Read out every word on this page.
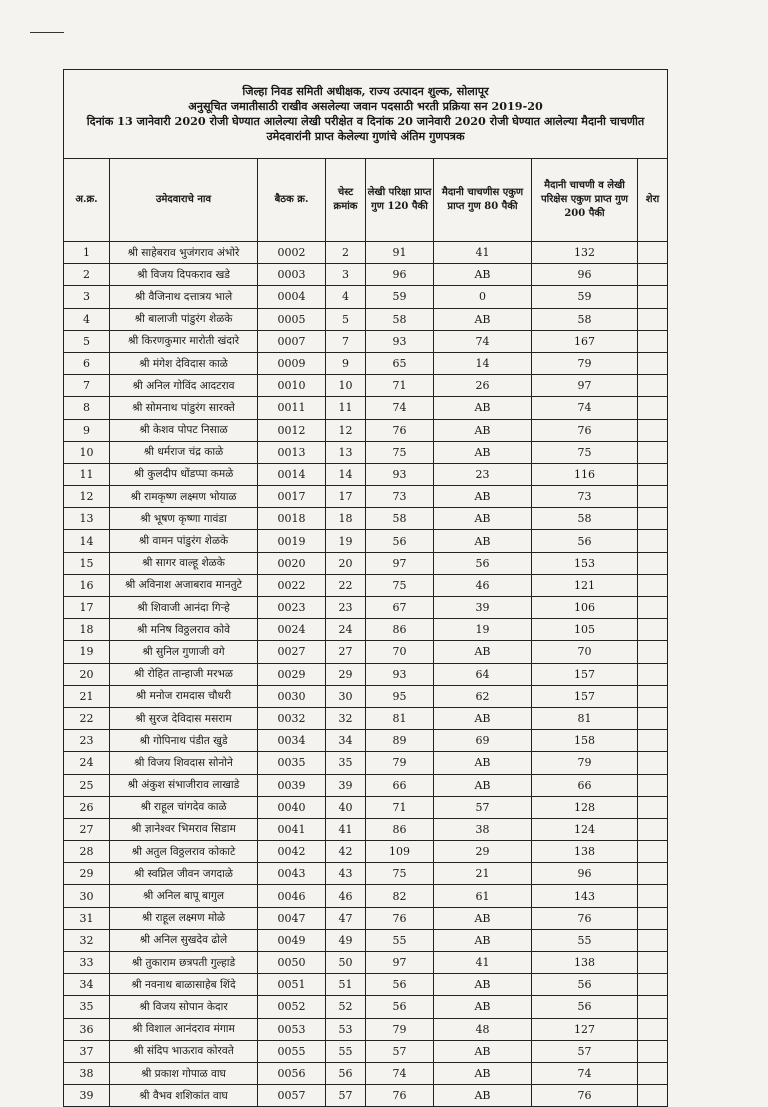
जिल्हा निवड समिती अधीक्षक, राज्य उत्पादन शुल्क, सोलापूर
अनुसूचित जमातीसाठी राखीव असलेल्या जवान पदसाठी भरती प्रक्रिया सन 2019-20
दिनांक 13 जानेवारी 2020 रोजी घेण्यात आलेल्या लेखी परीक्षेत व दिनांक 20 जानेवारी 2020 रोजी घेण्यात आलेल्या मैदानी चाचणीत
उमेदवारांनी प्राप्त केलेल्या गुणांचे अंतिम गुणपत्रक							

अ.क्र.	उमेदवाराचे नाव	बैठक क्र.	चेस्ट क्रमांक	लेखी परिक्षा प्राप्त गुण 120 पैकी	मैदानी चाचणीस एकुण प्राप्त गुण 80 पैकी	मैदानी चाचणी व लेखी परिक्षेस एकुण प्राप्त गुण 200 पैकी	शेरा
1	श्री साहेबराव भुजंगराव अंभोरे	0002	2	91	41	132	
2	श्री विजय दिपकराव खडे	0003	3	96	AB	96	
3	श्री वैजिनाथ दत्तात्रय भाले	0004	4	59	0	59	
4	श्री बालाजी पांडुरंग शेळके	0005	5	58	AB	58	
5	श्री किरणकुमार मारोती खंदारे	0007	7	93	74	167	
6	श्री मंगेश देविदास काळे	0009	9	65	14	79	
7	श्री अनिल गोविंद आदटराव	0010	10	71	26	97	
8	श्री सोमनाथ पांडुरंग सारक्ते	0011	11	74	AB	74	
9	श्री केशव पोपट निसाळ	0012	12	76	AB	76	
10	श्री धर्मराज चंद्र काळे	0013	13	75	AB	75	
11	श्री कुलदीप धोंडप्पा कमळे	0014	14	93	23	116	
12	श्री रामकृष्ण लक्ष्मण भोयाळ	0017	17	73	AB	73	
13	श्री भूषण कृष्णा गावंडा	0018	18	58	AB	58	
14	श्री वामन पांडुरंग शेळके	0019	19	56	AB	56	
15	श्री सागर वाल्हू शेळके	0020	20	97	56	153	
16	श्री अविनाश अजाबराव मानतुटे	0022	22	75	46	121	
17	श्री शिवाजी आनंदा गिऱ्हे	0023	23	67	39	106	
18	श्री मनिष विठ्ठलराव कोवे	0024	24	86	19	105	
19	श्री सुनिल गुणाजी वगे	0027	27	70	AB	70	
20	श्री रोहित तान्हाजी मरभळ	0029	29	93	64	157	
21	श्री मनोज रामदास चौधरी	0030	30	95	62	157	
22	श्री सुरज देविदास मसराम	0032	32	81	AB	81	
23	श्री गोपिनाथ पंडीत खुडे	0034	34	89	69	158	
24	श्री विजय शिवदास सोनोने	0035	35	79	AB	79	
25	श्री अंकुश संभाजीराव लाखाडे	0039	39	66	AB	66	
26	श्री राहूल चांगदेव काळे	0040	40	71	57	128	
27	श्री ज्ञानेश्वर भिमराव सिडाम	0041	41	86	38	124	
28	श्री अतुल विठ्ठलराव कोकाटे	0042	42	109	29	138	
29	श्री स्वप्निल जीवन जगदाळे	0043	43	75	21	96	
30	श्री अनिल बापू बागुल	0046	46	82	61	143	
31	श्री राहूल लक्ष्मण मोळे	0047	47	76	AB	76	
32	श्री अनिल सुखदेव ढोले	0049	49	55	AB	55	
33	श्री तुकाराम छत्रपती गुल्हाडे	0050	50	97	41	138	
34	श्री नवनाथ बाळासाहेब शिंदे	0051	51	56	AB	56	
35	श्री विजय सोपान केदार	0052	52	56	AB	56	
36	श्री विशाल आनंदराव मंगाम	0053	53	79	48	127	
37	श्री संदिप भाऊराव कोरवते	0055	55	57	AB	57	
38	श्री प्रकाश गोपाळ वाघ	0056	56	74	AB	74	
39	श्री वैभव शशिकांत वाघ	0057	57	76	AB	76	
